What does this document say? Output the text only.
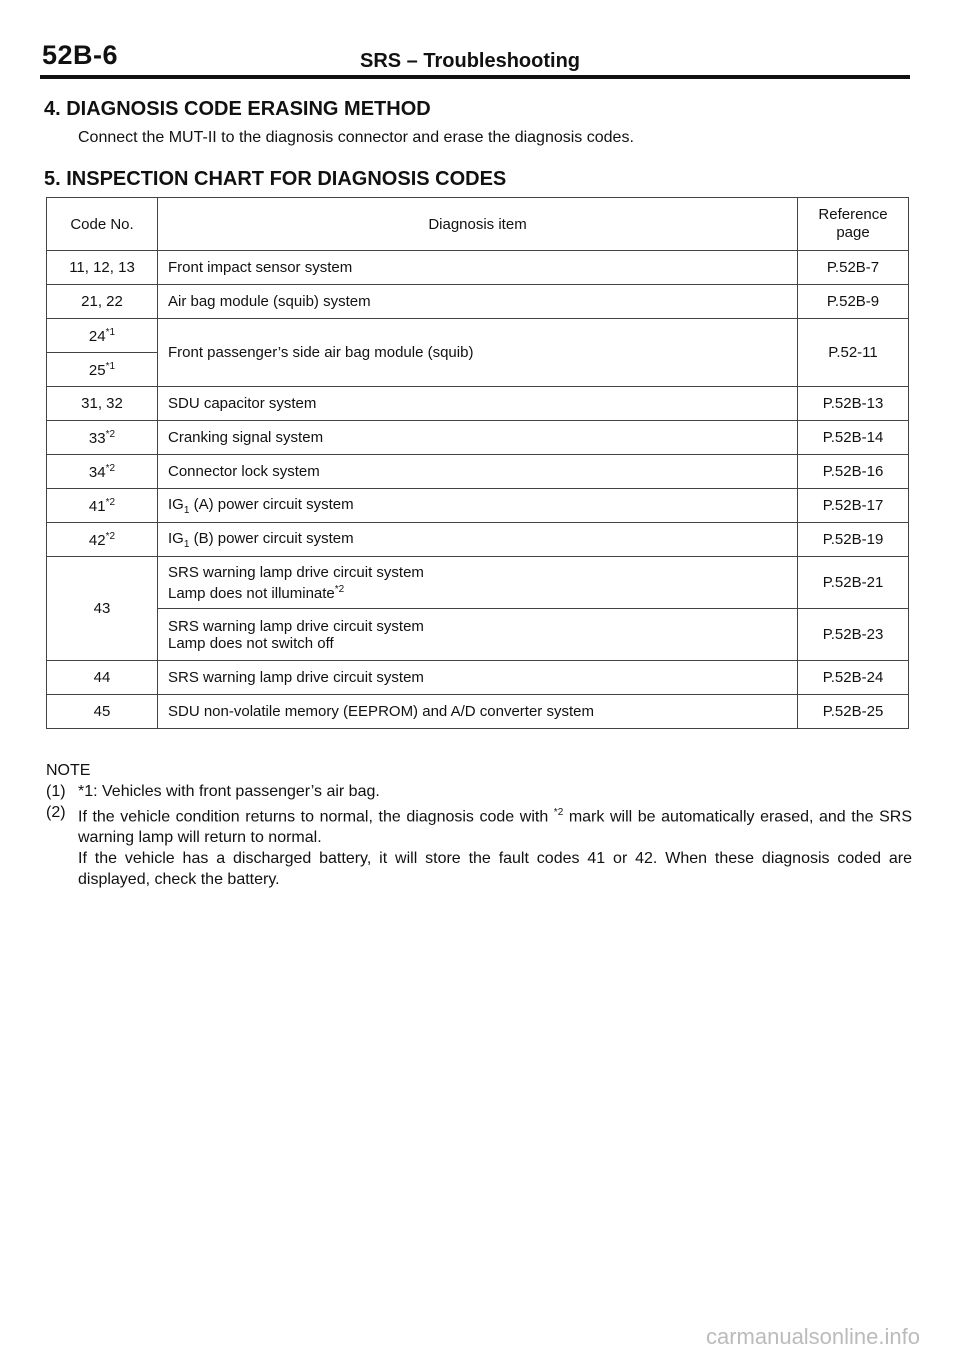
52B-6	SRS – Troubleshooting
4. DIAGNOSIS CODE ERASING METHOD
Connect the MUT-II to the diagnosis connector and erase the diagnosis codes.
5. INSPECTION CHART FOR DIAGNOSIS CODES
Code No.	Diagnosis item	Reference
page
11, 12, 13	Front impact sensor system	P.52B-7
21, 22	Air bag module (squib) system	P.52B-9
24$^{*1}$	Front passenger’s side air bag module (squib)	P.52-11
25$^{*1}$
31, 32	SDU capacitor system	P.52B-13
33$^{*2}$	Cranking signal system	P.52B-14
34$^{*2}$	Connector lock system	P.52B-16
41$^{*2}$	$IG_1$ (A) power circuit system	P.52B-17
42$^{*2}$	$IG_1$ (B) power circuit system	P.52B-19
43	SRS warning lamp drive circuit system
Lamp does not illuminate$^{*2}$	P.52B-21
	SRS warning lamp drive circuit system
Lamp does not switch off	P.52B-23
44	SRS warning lamp drive circuit system	P.52B-24
45	SDU non-volatile memory (EEPROM) and A/D converter system	P.52B-25
NOTE
(1) *1: Vehicles with front passenger’s air bag.
(2) If the vehicle condition returns to normal, the diagnosis code with $^{*2}$ mark will be automatically erased, and the SRS warning lamp will return to normal.
If the vehicle has a discharged battery, it will store the fault codes 41 or 42. When these diagnosis coded are displayed, check the battery.
carmanualsonline.info
